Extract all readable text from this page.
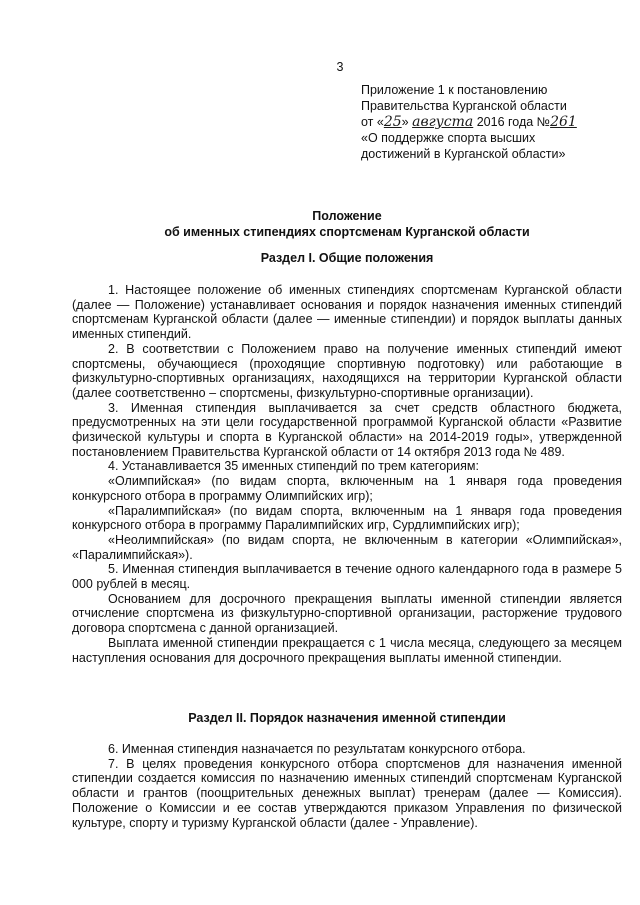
3
Приложение 1 к постановлению
Правительства Курганской области
от «25» августа 2016 года №261
«О поддержке спорта высших
достижений в Курганской области»
Положение
об именных стипендиях спортсменам Курганской области
Раздел I. Общие положения

1. Настоящее положение об именных стипендиях спортсменам Курганской области (далее — Положение) устанавливает основания и порядок назначения именных стипендий спортсменам Курганской области (далее — именные стипендии) и порядок выплаты данных именных стипендий.

2. В соответствии с Положением право на получение именных стипендий имеют спортсмены, обучающиеся (проходящие спортивную подготовку) или работающие в физкультурно-спортивных организациях, находящихся на территории Курганской области (далее соответственно – спортсмены, физкультурно-спортивные организации).

3. Именная стипендия выплачивается за счет средств областного бюджета, предусмотренных на эти цели государственной программой Курганской области «Развитие физической культуры и спорта в Курганской области» на 2014-2019 годы», утвержденной постановлением Правительства Курганской области от 14 октября 2013 года № 489.

4. Устанавливается 35 именных стипендий по трем категориям:

«Олимпийская» (по видам спорта, включенным на 1 января года проведения конкурсного отбора в программу Олимпийских игр);

«Паралимпийская» (по видам спорта, включенным на 1 января года проведения конкурсного отбора в программу Паралимпийских игр, Сурдлимпийских игр);

«Неолимпийская» (по видам спорта, не включенным в категории «Олимпийская», «Паралимпийская»).

5. Именная стипендия выплачивается в течение одного календарного года в размере 5 000 рублей в месяц.

Основанием для досрочного прекращения выплаты именной стипендии является отчисление спортсмена из физкультурно-спортивной организации, расторжение трудового договора спортсмена с данной организацией.

Выплата именной стипендии прекращается с 1 числа месяца, следующего за месяцем наступления основания для досрочного прекращения выплаты именной стипендии.

Раздел II. Порядок назначения именной стипендии

6. Именная стипендия назначается по результатам конкурсного отбора.

7. В целях проведения конкурсного отбора спортсменов для назначения именной стипендии создается комиссия по назначению именных стипендий спортсменам Курганской области и грантов (поощрительных денежных выплат) тренерам (далее — Комиссия). Положение о Комиссии и ее состав утверждаются приказом Управления по физической культуре, спорту и туризму Курганской области (далее - Управление).
